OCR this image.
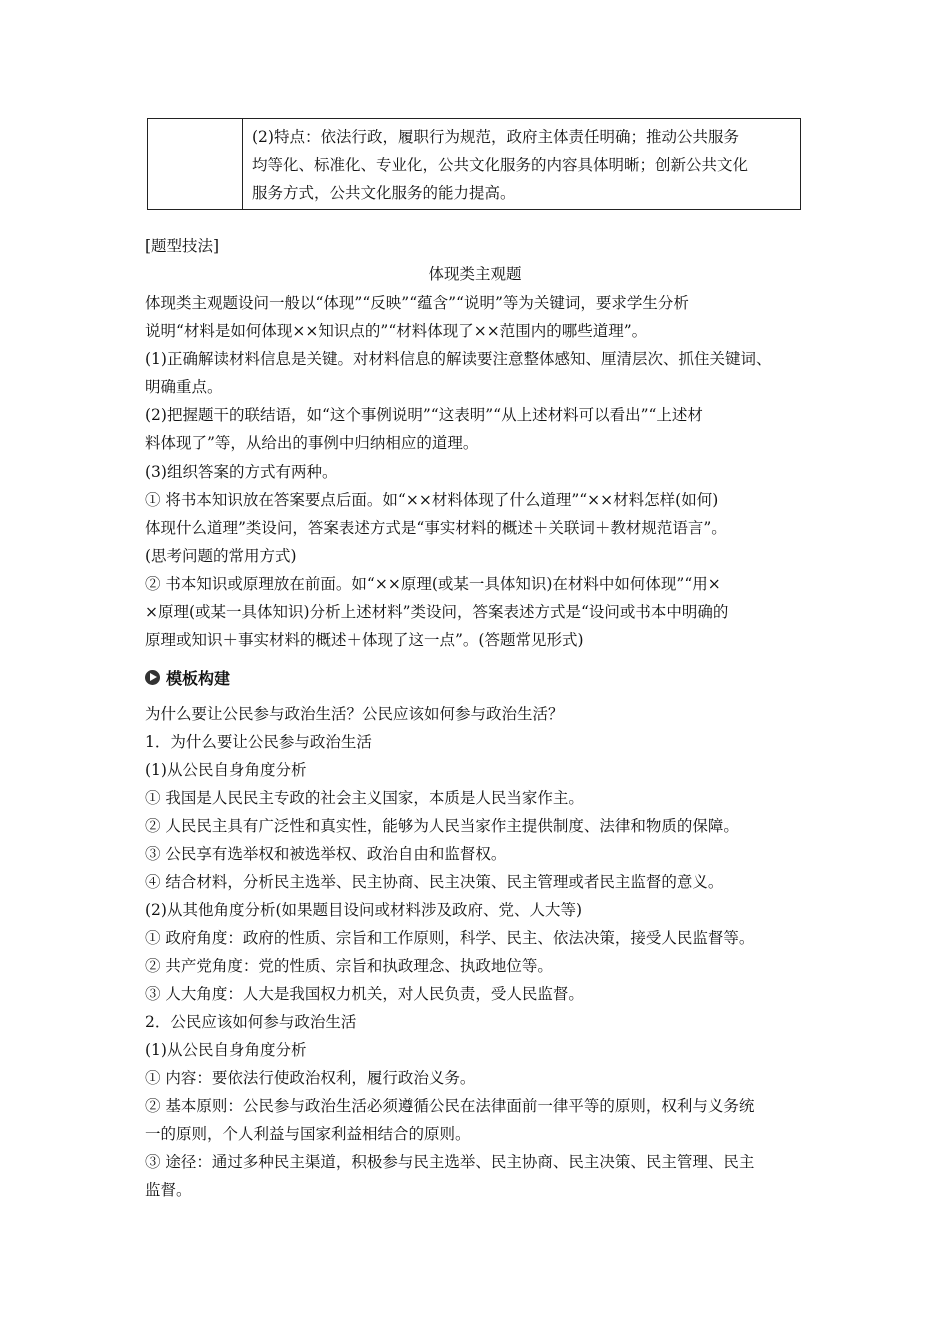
(2)特点：依法行政，履职行为规范，政府主体责任明确；推动公共服务
均等化、标准化、专业化，公共文化服务的内容具体明晰；创新公共文化
服务方式，公共文化服务的能力提高。
[题型技法]
体现类主观题
体现类主观题设问一般以“体现”“反映”“蕴含”“说明”等为关键词，要求学生分析
说明“材料是如何体现××知识点的”“材料体现了××范围内的哪些道理”。
(1)正确解读材料信息是关键。对材料信息的解读要注意整体感知、厘清层次、抓住关键词、
明确重点。
(2)把握题干的联结语，如“这个事例说明”“这表明”“从上述材料可以看出”“上述材
料体现了”等，从给出的事例中归纳相应的道理。
(3)组织答案的方式有两种。
① 将书本知识放在答案要点后面。如“××材料体现了什么道理”“××材料怎样(如何)
体现什么道理”类设问，答案表述方式是“事实材料的概述＋关联词＋教材规范语言”。
(思考问题的常用方式)
② 书本知识或原理放在前面。如“××原理(或某一具体知识)在材料中如何体现”“用×
×原理(或某一具体知识)分析上述材料”类设问，答案表述方式是“设问或书本中明确的
原理或知识＋事实材料的概述＋体现了这一点”。(答题常见形式)
模板构建
为什么要让公民参与政治生活？公民应该如何参与政治生活？
1．为什么要让公民参与政治生活
(1)从公民自身角度分析
① 我国是人民民主专政的社会主义国家，本质是人民当家作主。
② 人民民主具有广泛性和真实性，能够为人民当家作主提供制度、法律和物质的保障。
③ 公民享有选举权和被选举权、政治自由和监督权。
④ 结合材料，分析民主选举、民主协商、民主决策、民主管理或者民主监督的意义。
(2)从其他角度分析(如果题目设问或材料涉及政府、党、人大等)
① 政府角度：政府的性质、宗旨和工作原则，科学、民主、依法决策，接受人民监督等。
② 共产党角度：党的性质、宗旨和执政理念、执政地位等。
③ 人大角度：人大是我国权力机关，对人民负责，受人民监督。
2．公民应该如何参与政治生活
(1)从公民自身角度分析
① 内容：要依法行使政治权利，履行政治义务。
② 基本原则：公民参与政治生活必须遵循公民在法律面前一律平等的原则，权利与义务统
一的原则，个人利益与国家利益相结合的原则。
③ 途径：通过多种民主渠道，积极参与民主选举、民主协商、民主决策、民主管理、民主
监督。
